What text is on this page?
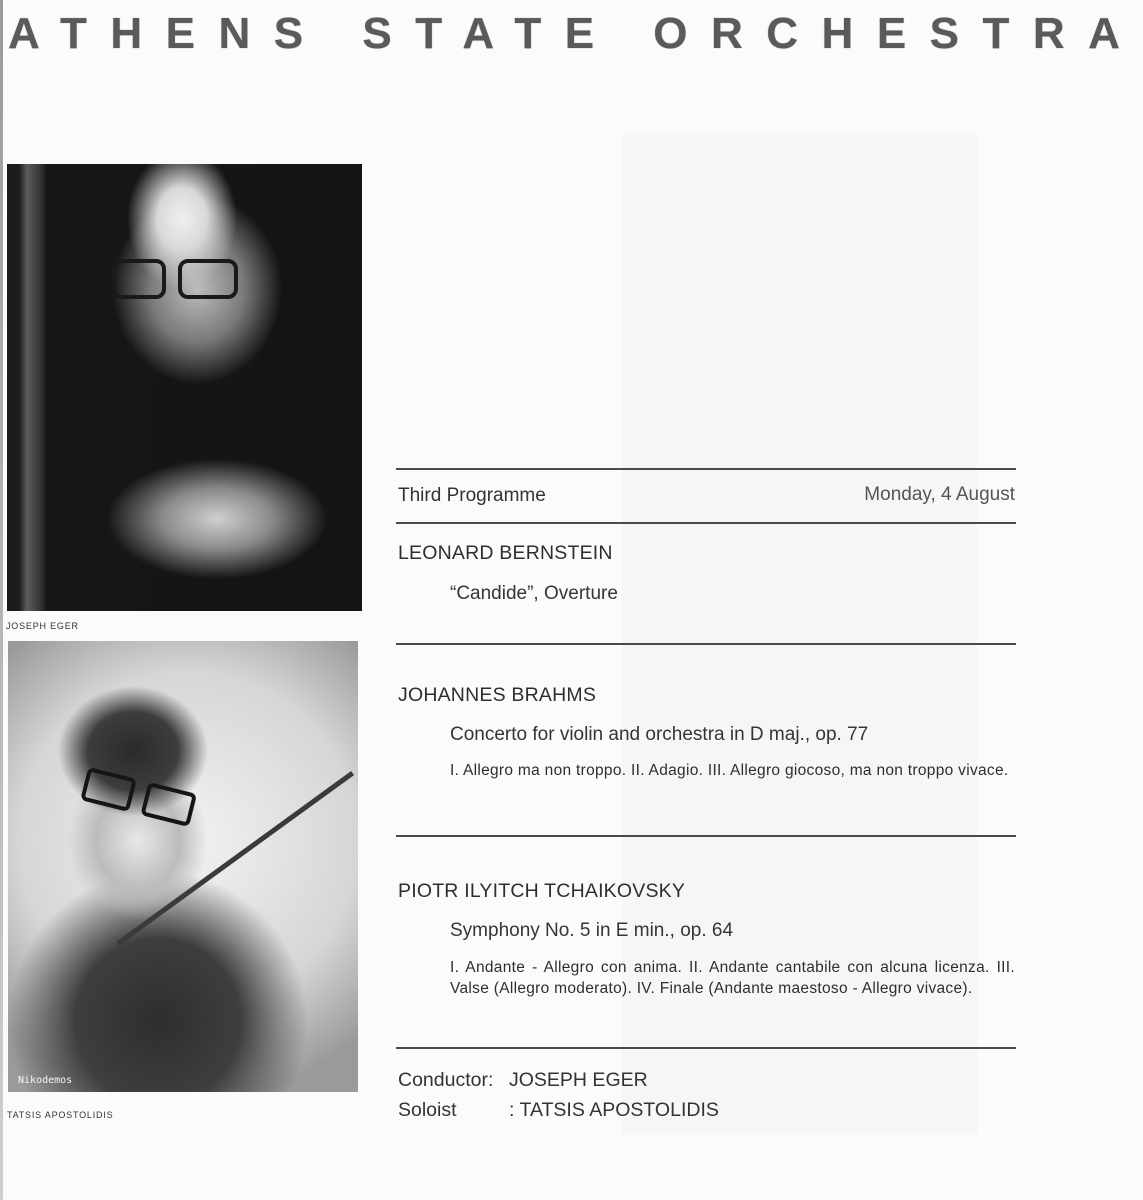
ATHENS STATE ORCHESTRA
JOSEPH EGER
Nikodemos
TATSIS APOSTOLIDIS
Third Programme	Monday, 4 August
LEONARD BERNSTEIN
“Candide”, Overture
JOHANNES BRAHMS
Concerto for violin and orchestra in D maj., op. 77
I. Allegro ma non troppo. II. Adagio. III. Allegro giocoso, ma non troppo vivace.
PIOTR ILYITCH TCHAIKOVSKY
Symphony No. 5 in E min., op. 64
I. Andante - Allegro con anima. II. Andante cantabile con alcuna licenza. III. Valse (Allegro moderato). IV. Finale (Andante maestoso - Allegro vivace).
Conductor: JOSEPH EGER
Soloist	: TATSIS APOSTOLIDIS
